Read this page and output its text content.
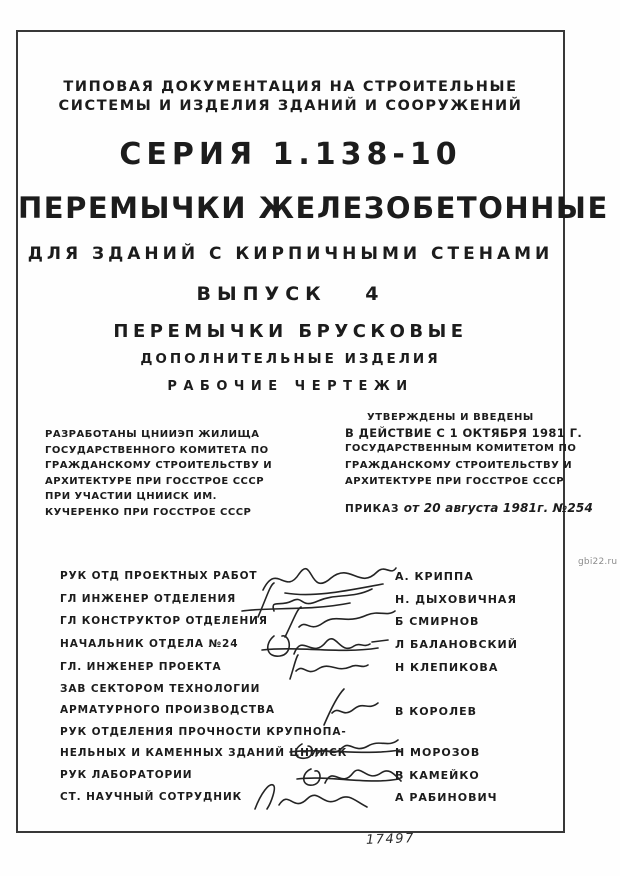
ТИПОВАЯ ДОКУМЕНТАЦИЯ НА СТРОИТЕЛЬНЫЕ
СИСТЕМЫ И ИЗДЕЛИЯ ЗДАНИЙ И СООРУЖЕНИЙ
СЕРИЯ 1.138-10
ПЕРЕМЫЧКИ ЖЕЛЕЗОБЕТОННЫЕ
ДЛЯ ЗДАНИЙ С КИРПИЧНЫМИ СТЕНАМИ
ВЫПУСК 4
ПЕРЕМЫЧКИ БРУСКОВЫЕ
ДОПОЛНИТЕЛЬНЫЕ ИЗДЕЛИЯ
РАБОЧИЕ ЧЕРТЕЖИ
РАЗРАБОТАНЫ ЦНИИЭП ЖИЛИЩА
ГОСУДАРСТВЕННОГО КОМИТЕТА ПО
ГРАЖДАНСКОМУ СТРОИТЕЛЬСТВУ И
АРХИТЕКТУРЕ ПРИ ГОССТРОЕ СССР
ПРИ УЧАСТИИ ЦНИИСК ИМ.
КУЧЕРЕНКО ПРИ ГОССТРОЕ СССР
УТВЕРЖДЕНЫ И ВВЕДЕНЫ
В ДЕЙСТВИЕ С 1 ОКТЯБРЯ 1981 Г.
ГОСУДАРСТВЕННЫМ КОМИТЕТОМ ПО
ГРАЖДАНСКОМУ СТРОИТЕЛЬСТВУ И
АРХИТЕКТУРЕ ПРИ ГОССТРОЕ СССР
ПРИКАЗ от 20 августа 1981г. №254
РУК ОТД ПРОЕКТНЫХ РАБОТ	А. КРИППА
ГЛ ИНЖЕНЕР ОТДЕЛЕНИЯ	Н. ДЫХОВИЧНАЯ
ГЛ КОНСТРУКТОР ОТДЕЛЕНИЯ	Б СМИРНОВ
НАЧАЛЬНИК ОТДЕЛА №24	Л БАЛАНОВСКИЙ
ГЛ. ИНЖЕНЕР ПРОЕКТА	Н КЛЕПИКОВА
ЗАВ СЕКТОРОМ ТЕХНОЛОГИИ
АРМАТУРНОГО ПРОИЗВОДСТВА	В КОРОЛЕВ
РУК ОТДЕЛЕНИЯ ПРОЧНОСТИ КРУПНОПА-
НЕЛЬНЫХ И КАМЕННЫХ ЗДАНИЙ ЦНИИСК	Н МОРОЗОВ
РУК ЛАБОРАТОРИИ	В КАМЕЙКО
СТ. НАУЧНЫЙ СОТРУДНИК	А РАБИНОВИЧ
17497
gbi22.ru
